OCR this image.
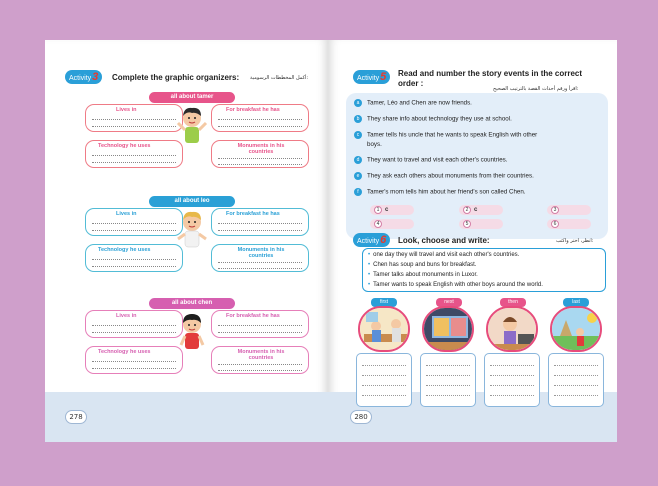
Activity3	Complete the graphic organizers: أكمل المخططات الرسومية:
all about tamer
Lives in	For breakfast he has
Technology he uses	Monuments in his countries
all about leo
Lives in	For breakfast he has
Technology he uses	Monuments in his countries
all about chen
Lives in	For breakfast he has
Technology he uses	Monuments in his countries
278
Activity5	Read and number the story events in the correct
order :
اقرأ ورقم أحداث القصة بالترتيب الصحيح:
a Tamer, Léo and Chen are now friends.
b They share info about technology they use at school.
c Tamer tells his uncle that he wants to speak English with other
boys.
d They want to travel and visit each other's countries.
e They ask each others about monuments from their countries.
f Tamer's mom tells him about her friend's son called Chen.
1 c	2 c	3
4	5	6
Activity6	Look, choose and write:	انظر، اختر واكتب:
• one day they will travel and visit each other's countries.
• Chen has soup and buns for breakfast.
• Tamer talks about monuments in Luxor.
• Tamer wants to speak English with other boys around the world.
first	next	then	last
280
